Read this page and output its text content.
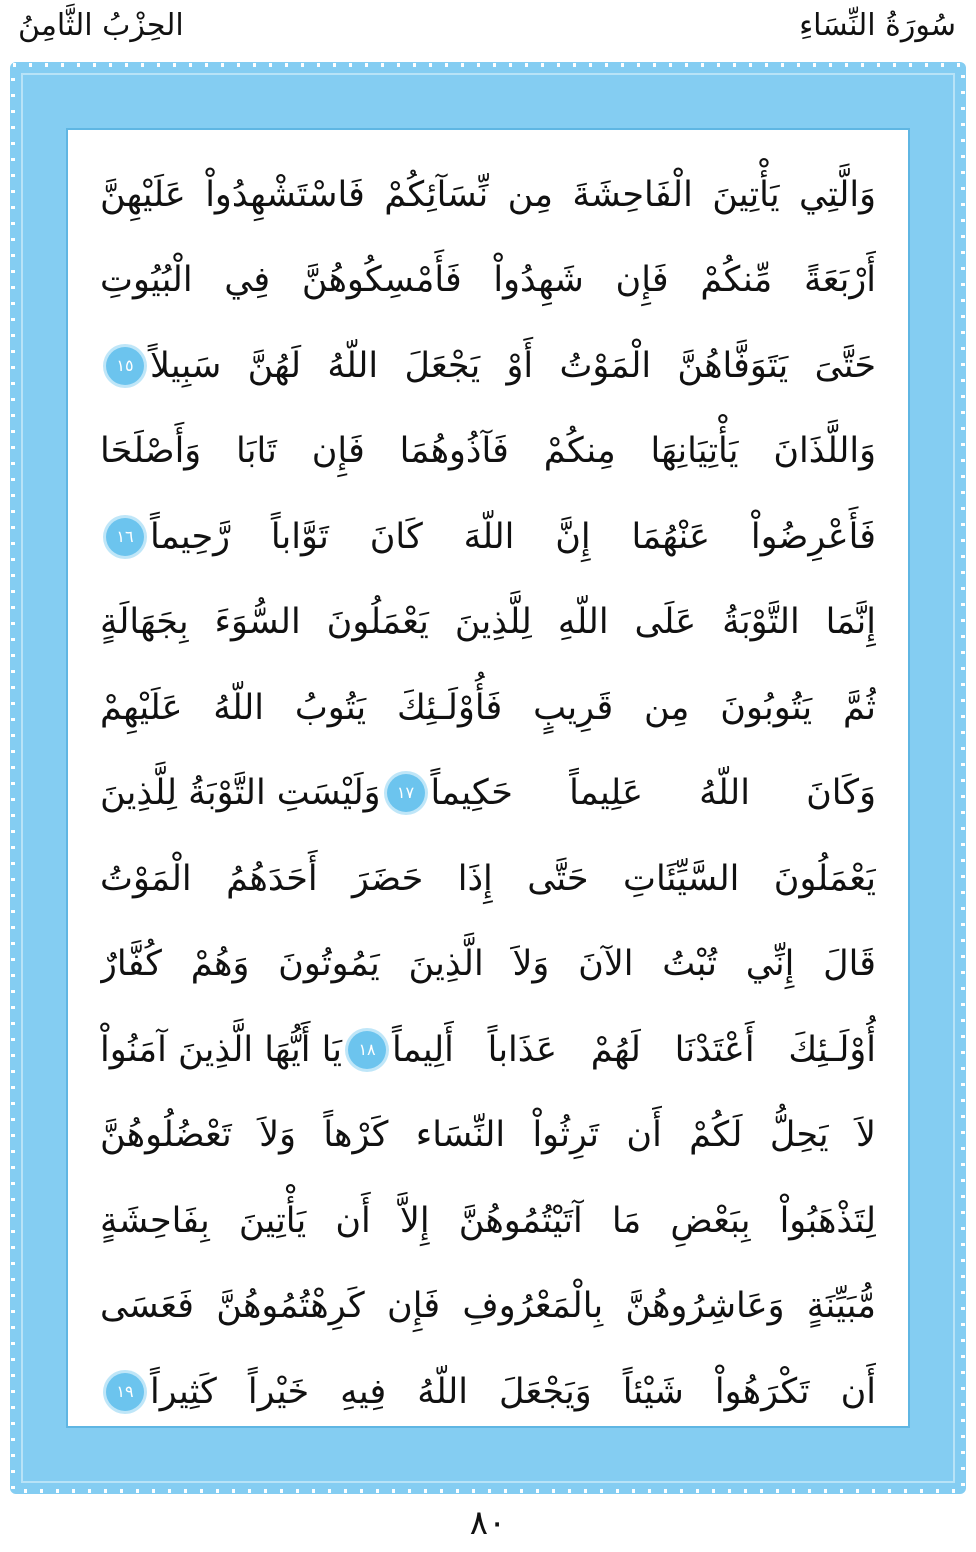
سُورَةُ النِّسَاءِ
الحِزْبُ الثَّامِنُ
وَالَّتِي يَأْتِينَ الْفَاحِشَةَ مِن نِّسَآئِكُمْ فَاسْتَشْهِدُواْ عَلَيْهِنَّ
أَرْبَعَةً مِّنكُمْ فَإِن شَهِدُواْ فَأَمْسِكُوهُنَّ فِي الْبُيُوتِ
حَتَّىَ يَتَوَفَّاهُنَّ الْمَوْتُ أَوْ يَجْعَلَ اللّهُ لَهُنَّ سَبِيلاً
١٥
وَاللَّذَانَ يَأْتِيَانِهَا مِنكُمْ فَآذُوهُمَا فَإِن تَابَا وَأَصْلَحَا
فَأَعْرِضُواْ عَنْهُمَا إِنَّ اللّهَ كَانَ تَوَّاباً رَّحِيماً
١٦
إِنَّمَا التَّوْبَةُ عَلَى اللّهِ لِلَّذِينَ يَعْمَلُونَ السُّوَءَ بِجَهَالَةٍ
ثُمَّ يَتُوبُونَ مِن قَرِيبٍ فَأُوْلَـئِكَ يَتُوبُ اللّهُ عَلَيْهِمْ
وَكَانَ اللّهُ عَلِيماً حَكِيماً
١٧
وَلَيْسَتِ التَّوْبَةُ لِلَّذِينَ
يَعْمَلُونَ السَّيِّئَاتِ حَتَّى إِذَا حَضَرَ أَحَدَهُمُ الْمَوْتُ
قَالَ إِنِّي تُبْتُ الآنَ وَلاَ الَّذِينَ يَمُوتُونَ وَهُمْ كُفَّارٌ
أُوْلَـئِكَ أَعْتَدْنَا لَهُمْ عَذَاباً أَلِيماً
١٨
يَا أَيُّهَا الَّذِينَ آمَنُواْ
لاَ يَحِلُّ لَكُمْ أَن تَرِثُواْ النِّسَاء كَرْهاً وَلاَ تَعْضُلُوهُنَّ
لِتَذْهَبُواْ بِبَعْضِ مَا آتَيْتُمُوهُنَّ إِلاَّ أَن يَأْتِينَ بِفَاحِشَةٍ
مُّبَيِّنَةٍ وَعَاشِرُوهُنَّ بِالْمَعْرُوفِ فَإِن كَرِهْتُمُوهُنَّ فَعَسَى
أَن تَكْرَهُواْ شَيْئاً وَيَجْعَلَ اللّهُ فِيهِ خَيْراً كَثِيراً
١٩
٨٠
